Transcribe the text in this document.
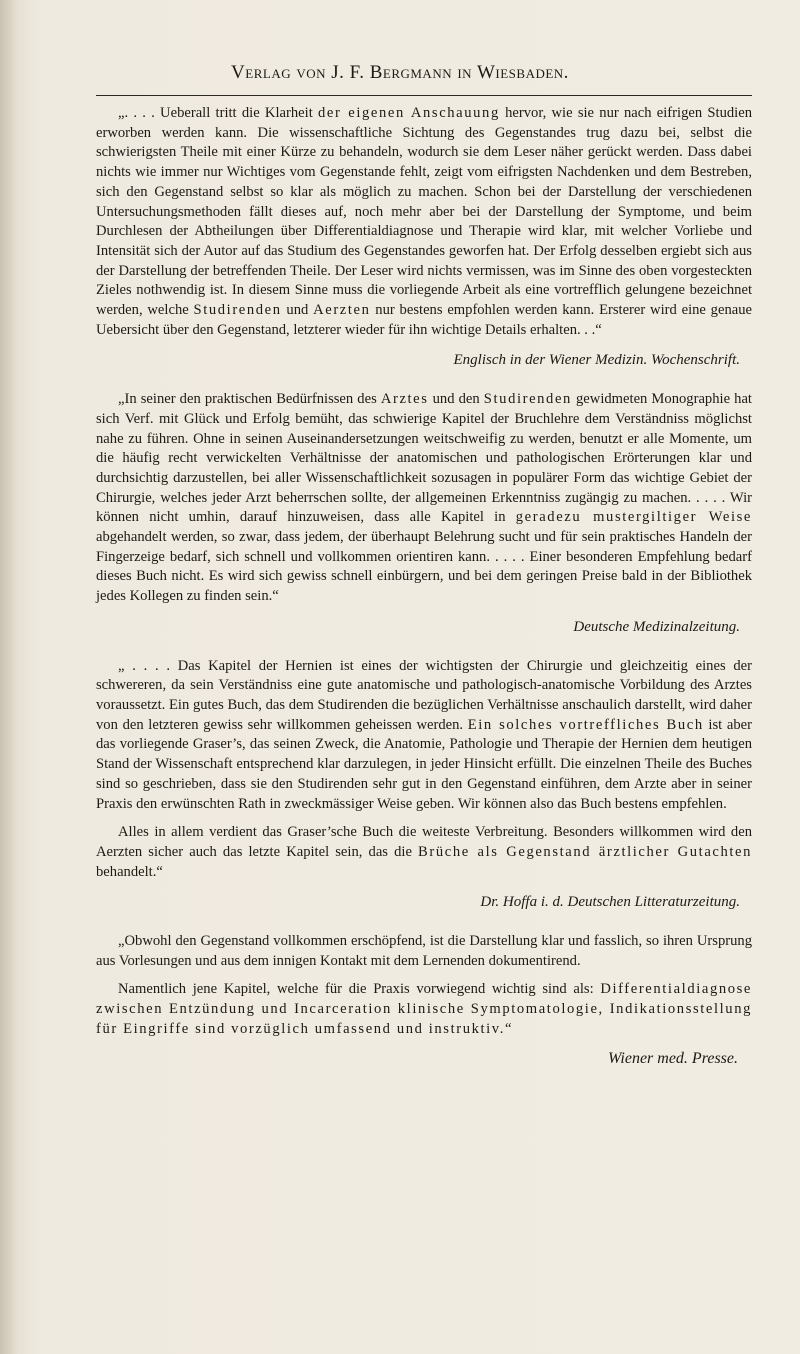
Verlag von J. F. Bergmann in Wiesbaden.

„. . . . Ueberall tritt die Klarheit der eigenen Anschauung hervor, wie sie nur nach eifrigen Studien erworben werden kann. Die wissenschaftliche Sichtung des Gegenstandes trug dazu bei, selbst die schwierigsten Theile mit einer Kürze zu behandeln, wodurch sie dem Leser näher gerückt werden. Dass dabei nichts wie immer nur Wichtiges vom Gegenstande fehlt, zeigt vom eifrigsten Nachdenken und dem Bestreben, sich den Gegenstand selbst so klar als möglich zu machen. Schon bei der Darstellung der verschiedenen Untersuchungsmethoden fällt dieses auf, noch mehr aber bei der Darstellung der Symptome, und beim Durchlesen der Abtheilungen über Differentialdiagnose und Therapie wird klar, mit welcher Vorliebe und Intensität sich der Autor auf das Studium des Gegenstandes geworfen hat. Der Erfolg desselben ergiebt sich aus der Darstellung der betreffenden Theile. Der Leser wird nichts vermissen, was im Sinne des oben vorgesteckten Zieles nothwendig ist. In diesem Sinne muss die vorliegende Arbeit als eine vortrefflich gelungene bezeichnet werden, welche Studirenden und Aerzten nur bestens empfohlen werden kann. Ersterer wird eine genaue Uebersicht über den Gegenstand, letzterer wieder für ihn wichtige Details erhalten. . .“

Englisch in der Wiener Medizin. Wochenschrift.

„In seiner den praktischen Bedürfnissen des Arztes und den Studirenden gewidmeten Monographie hat sich Verf. mit Glück und Erfolg bemüht, das schwierige Kapitel der Bruchlehre dem Verständniss möglichst nahe zu führen. Ohne in seinen Auseinandersetzungen weitschweifig zu werden, benutzt er alle Momente, um die häufig recht verwickelten Verhältnisse der anatomischen und pathologischen Erörterungen klar und durchsichtig darzustellen, bei aller Wissenschaftlichkeit sozusagen in populärer Form das wichtige Gebiet der Chirurgie, welches jeder Arzt beherrschen sollte, der allgemeinen Erkenntniss zugängig zu machen. . . . . Wir können nicht umhin, darauf hinzuweisen, dass alle Kapitel in geradezu mustergiltiger Weise abgehandelt werden, so zwar, dass jedem, der überhaupt Belehrung sucht und für sein praktisches Handeln der Fingerzeige bedarf, sich schnell und vollkommen orientiren kann. . . . . Einer besonderen Empfehlung bedarf dieses Buch nicht. Es wird sich gewiss schnell einbürgern, und bei dem geringen Preise bald in der Bibliothek jedes Kollegen zu finden sein.“

Deutsche Medizinalzeitung.

„ . . . . Das Kapitel der Hernien ist eines der wichtigsten der Chirurgie und gleichzeitig eines der schwereren, da sein Verständniss eine gute anatomische und pathologisch-anatomische Vorbildung des Arztes voraussetzt. Ein gutes Buch, das dem Studirenden die bezüglichen Verhältnisse anschaulich darstellt, wird daher von den letzteren gewiss sehr willkommen geheissen werden. Ein solches vortreffliches Buch ist aber das vorliegende Graser’s, das seinen Zweck, die Anatomie, Pathologie und Therapie der Hernien dem heutigen Stand der Wissenschaft entsprechend klar darzulegen, in jeder Hinsicht erfüllt. Die einzelnen Theile des Buches sind so geschrieben, dass sie den Studirenden sehr gut in den Gegenstand einführen, dem Arzte aber in seiner Praxis den erwünschten Rath in zweckmässiger Weise geben. Wir können also das Buch bestens empfehlen.

Alles in allem verdient das Graser’sche Buch die weiteste Verbreitung. Besonders willkommen wird den Aerzten sicher auch das letzte Kapitel sein, das die Brüche als Gegenstand ärztlicher Gutachten behandelt.“

Dr. Hoffa i. d. Deutschen Litteraturzeitung.

„Obwohl den Gegenstand vollkommen erschöpfend, ist die Darstellung klar und fasslich, so ihren Ursprung aus Vorlesungen und aus dem innigen Kontakt mit dem Lernenden dokumentirend.

Namentlich jene Kapitel, welche für die Praxis vorwiegend wichtig sind als: Differentialdiagnose zwischen Entzündung und Incarceration klinische Symptomatologie, Indikationsstellung für Eingriffe sind vorzüglich umfassend und instruktiv.“

Wiener med. Presse.
